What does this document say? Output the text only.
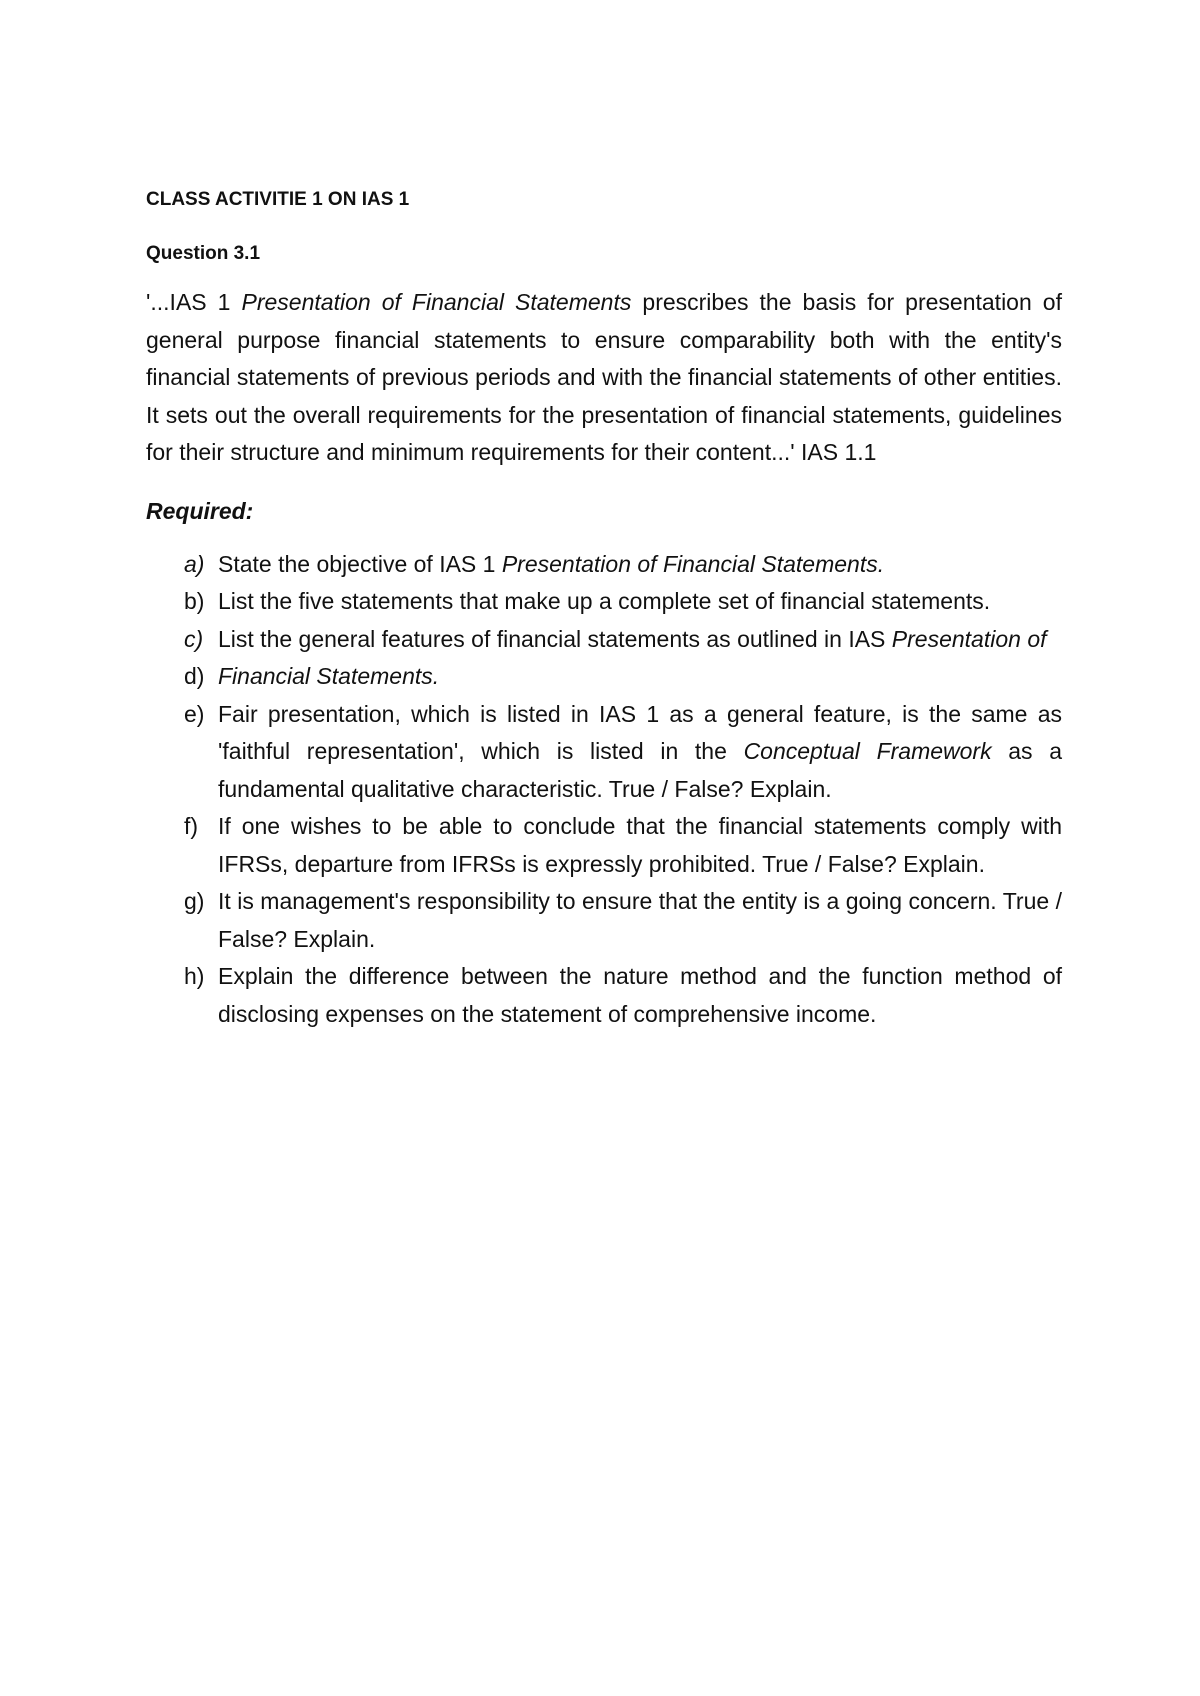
CLASS ACTIVITIE 1 ON IAS 1
Question 3.1

'...IAS 1 Presentation of Financial Statements prescribes the basis for presentation of general purpose financial statements to ensure comparability both with the entity's financial statements of previous periods and with the financial statements of other entities. It sets out the overall requirements for the presentation of financial statements, guidelines for their structure and minimum requirements for their content...' IAS 1.1

Required:
a) State the objective of IAS 1 Presentation of Financial Statements.
b) List the five statements that make up a complete set of financial statements.
c) List the general features of financial statements as outlined in IAS Presentation of
d) Financial Statements.
e) Fair presentation, which is listed in IAS 1 as a general feature, is the same as 'faithful representation', which is listed in the Conceptual Framework as a fundamental qualitative characteristic. True / False? Explain.
f) If one wishes to be able to conclude that the financial statements comply with IFRSs, departure from IFRSs is expressly prohibited. True / False? Explain.
g) It is management's responsibility to ensure that the entity is a going concern. True / False? Explain.
h) Explain the difference between the nature method and the function method of disclosing expenses on the statement of comprehensive income.
